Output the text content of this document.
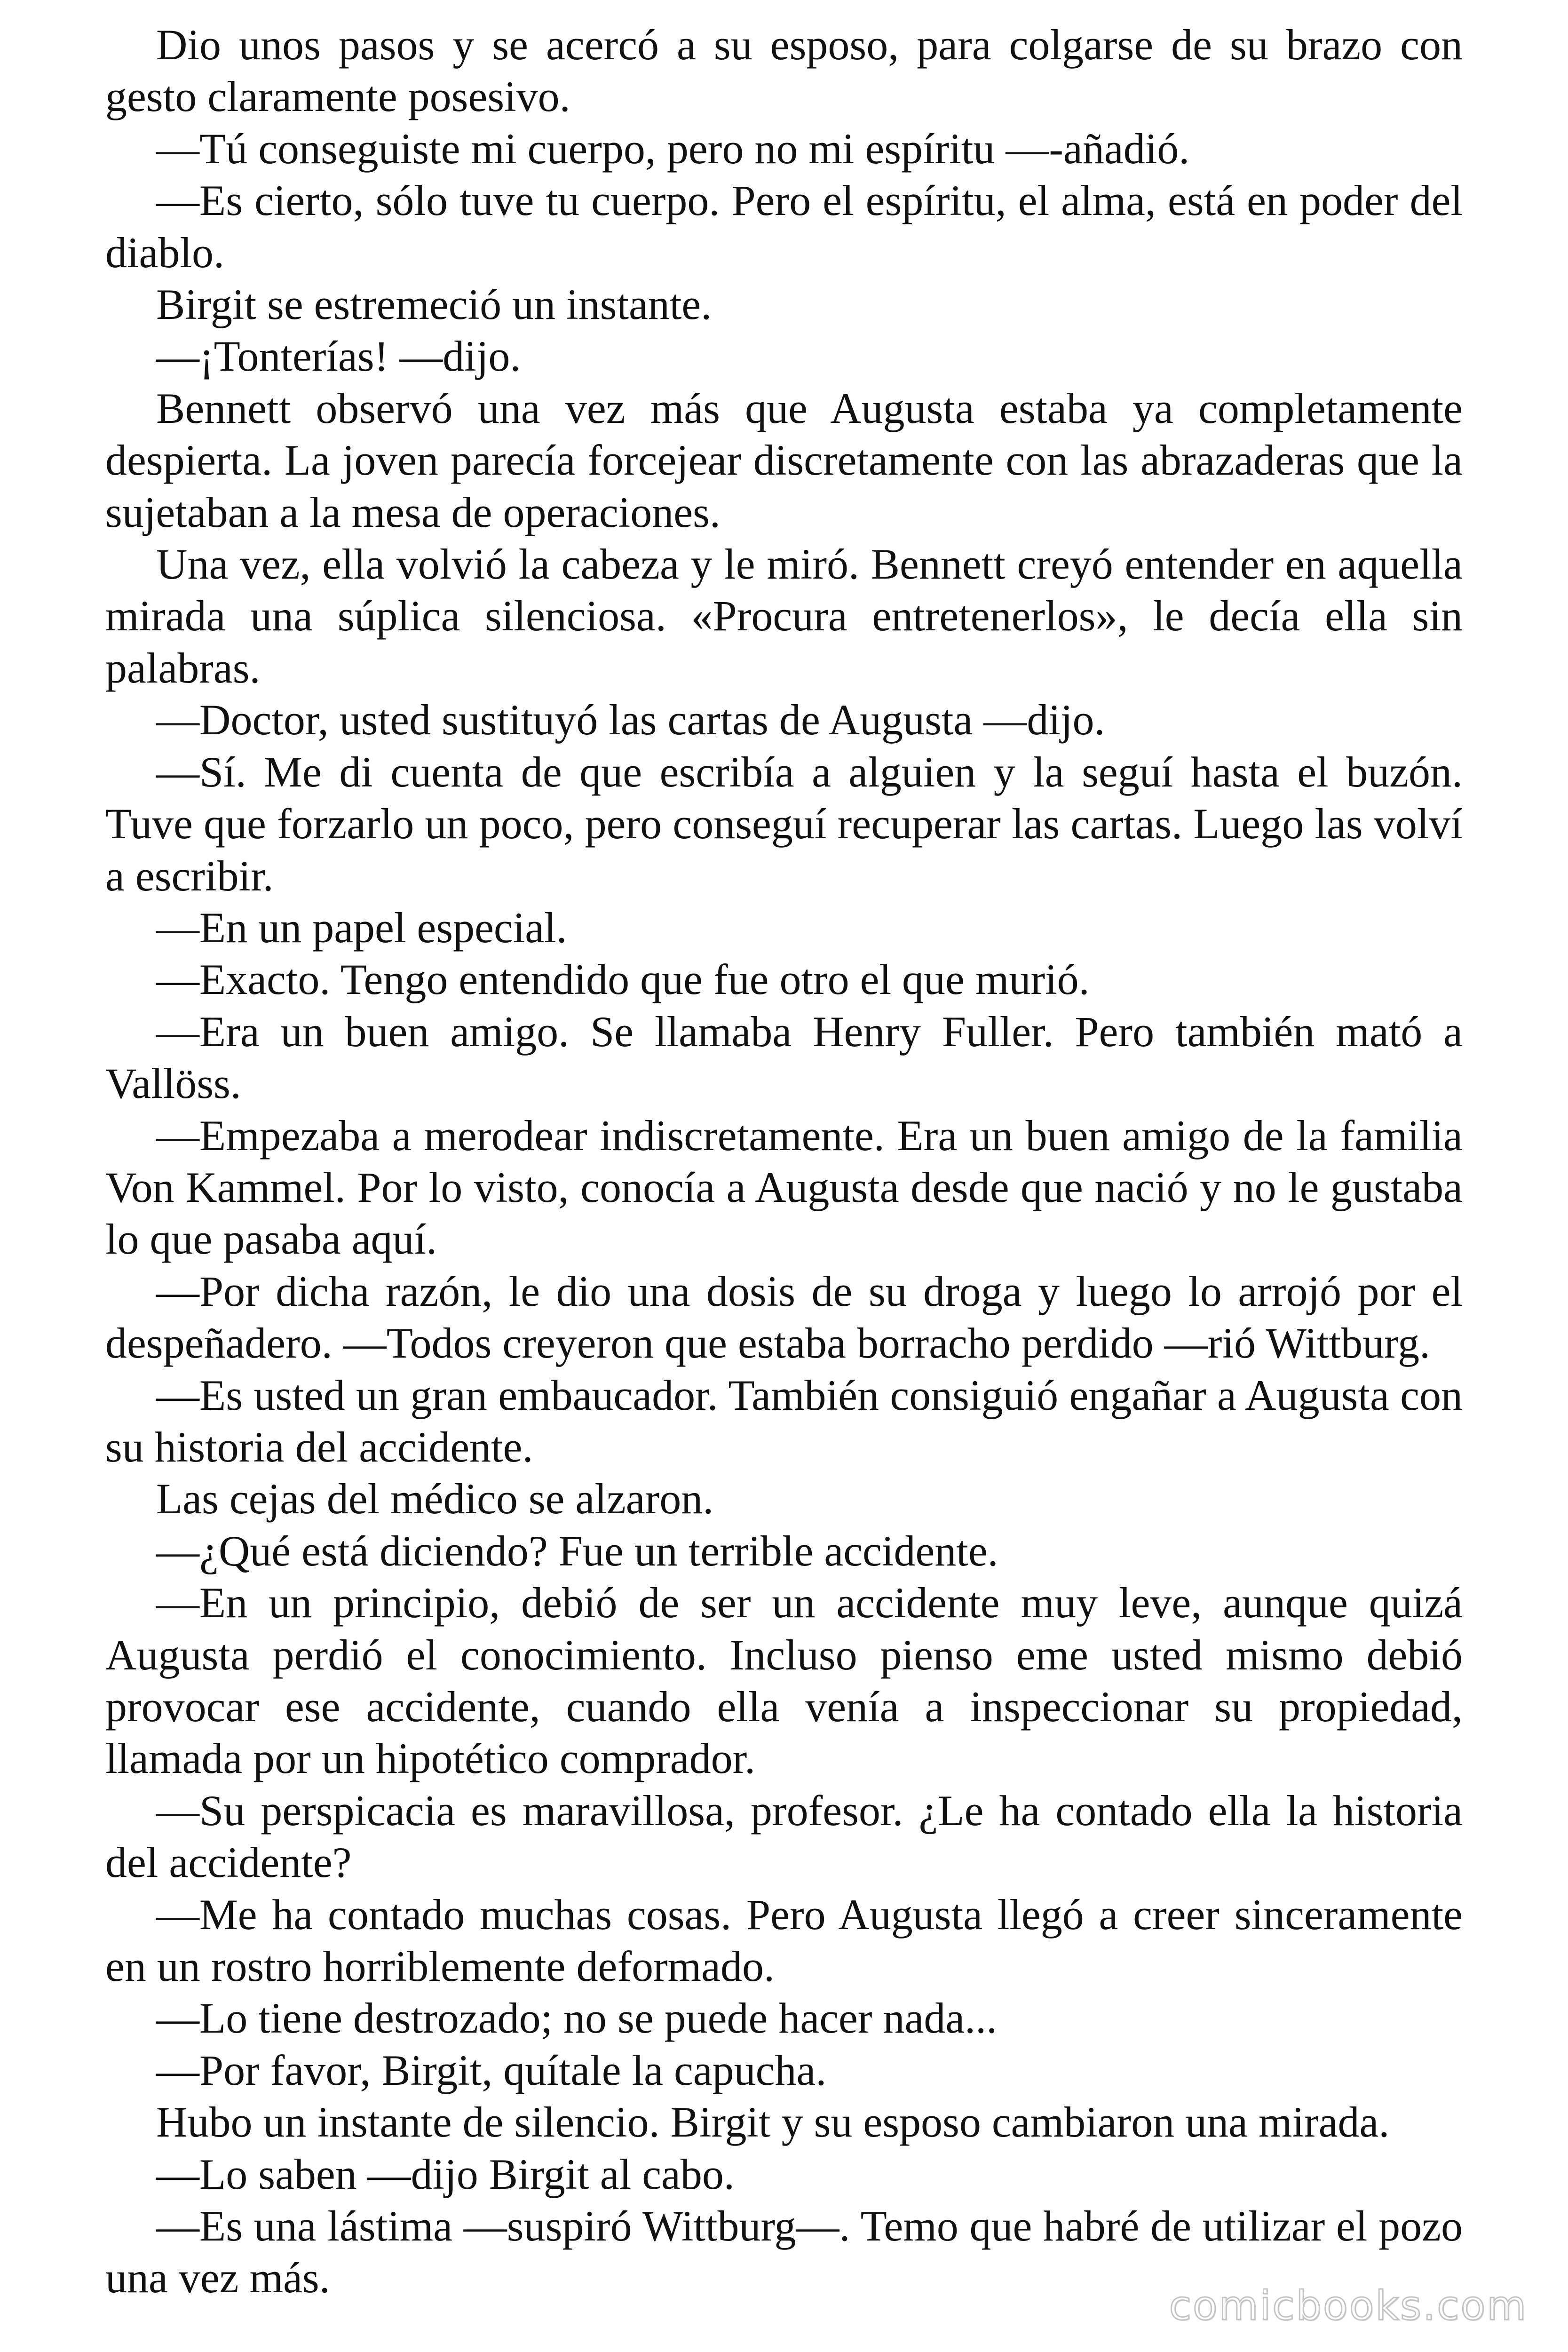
Dio unos pasos y se acercó a su esposo, para colgarse de su brazo con gesto claramente posesivo.

—Tú conseguiste mi cuerpo, pero no mi espíritu —-añadió.

—Es cierto, sólo tuve tu cuerpo. Pero el espíritu, el alma, está en poder del diablo.

Birgit se estremeció un instante.

—¡Tonterías! —dijo.

Bennett observó una vez más que Augusta estaba ya completamente despierta. La joven parecía forcejear discretamente con las abrazaderas que la sujetaban a la mesa de operaciones.

Una vez, ella volvió la cabeza y le miró. Bennett creyó entender en aquella mirada una súplica silenciosa. «Procura entretenerlos», le decía ella sin palabras.

—Doctor, usted sustituyó las cartas de Augusta —dijo.

—Sí. Me di cuenta de que escribía a alguien y la seguí hasta el buzón. Tuve que forzarlo un poco, pero conseguí recuperar las cartas. Luego las volví a escribir.

—En un papel especial.

—Exacto. Tengo entendido que fue otro el que murió.

—Era un buen amigo. Se llamaba Henry Fuller. Pero también mató a Vallöss.

—Empezaba a merodear indiscretamente. Era un buen amigo de la familia Von Kammel. Por lo visto, conocía a Augusta desde que nació y no le gustaba lo que pasaba aquí.

—Por dicha razón, le dio una dosis de su droga y luego lo arrojó por el despeñadero. —Todos creyeron que estaba borracho perdido —rió Wittburg.

—Es usted un gran embaucador. También consiguió engañar a Augusta con su historia del accidente.

Las cejas del médico se alzaron.

—¿Qué está diciendo? Fue un terrible accidente.

—En un principio, debió de ser un accidente muy leve, aunque quizá Augusta perdió el conocimiento. Incluso pienso eme usted mismo debió provocar ese accidente, cuando ella venía a inspeccionar su propiedad, llamada por un hipotético comprador.

—Su perspicacia es maravillosa, profesor. ¿Le ha contado ella la historia del accidente?

—Me ha contado muchas cosas. Pero Augusta llegó a creer sinceramente en un rostro horriblemente deformado.

—Lo tiene destrozado; no se puede hacer nada...

—Por favor, Birgit, quítale la capucha.

Hubo un instante de silencio. Birgit y su esposo cambiaron una mirada.

—Lo saben —dijo Birgit al cabo.

—Es una lástima —suspiró Wittburg—. Temo que habré de utilizar el pozo una vez más.

comicbooks.com
